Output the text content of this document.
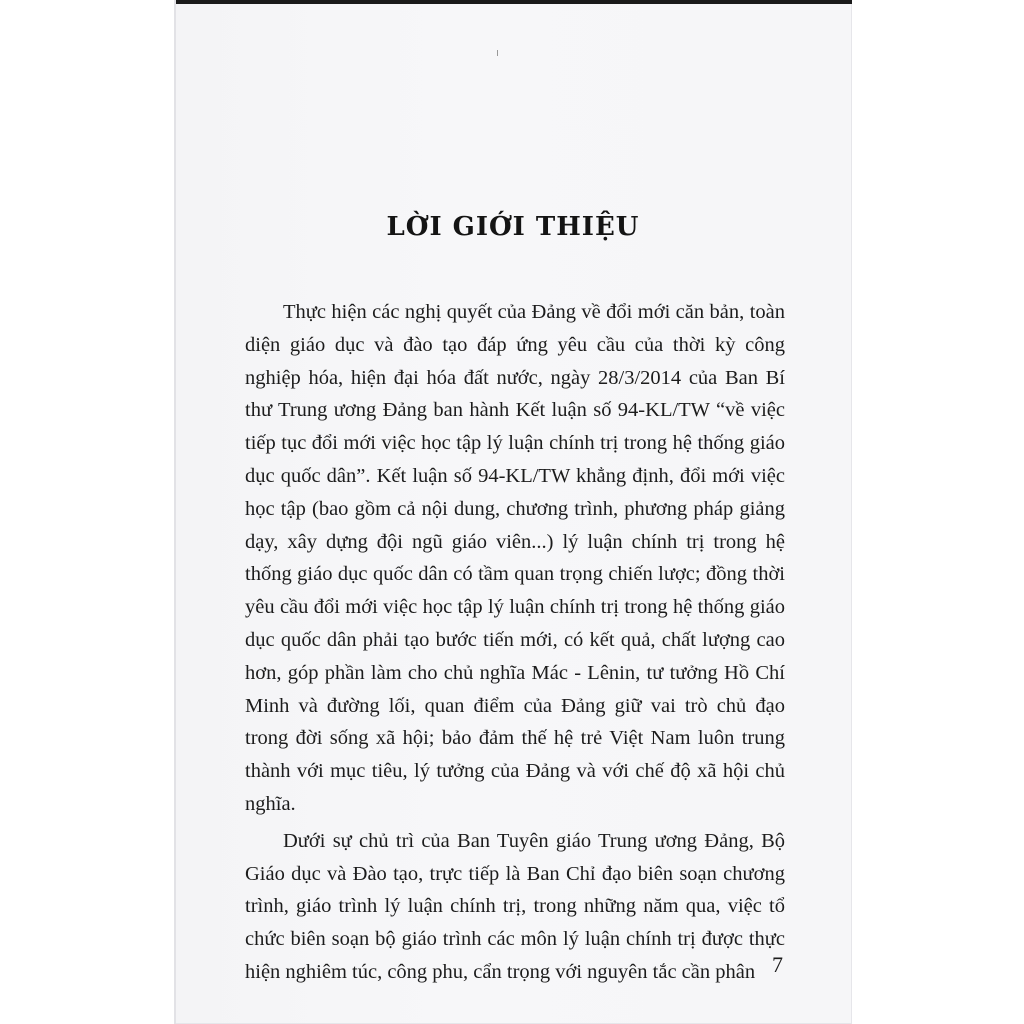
LỜI GIỚI THIỆU

Thực hiện các nghị quyết của Đảng về đổi mới căn bản, toàn diện giáo dục và đào tạo đáp ứng yêu cầu của thời kỳ công nghiệp hóa, hiện đại hóa đất nước, ngày 28/3/2014 của Ban Bí thư Trung ương Đảng ban hành Kết luận số 94-KL/TW “về việc tiếp tục đổi mới việc học tập lý luận chính trị trong hệ thống giáo dục quốc dân”. Kết luận số 94-KL/TW khẳng định, đổi mới việc học tập (bao gồm cả nội dung, chương trình, phương pháp giảng dạy, xây dựng đội ngũ giáo viên...) lý luận chính trị trong hệ thống giáo dục quốc dân có tầm quan trọng chiến lược; đồng thời yêu cầu đổi mới việc học tập lý luận chính trị trong hệ thống giáo dục quốc dân phải tạo bước tiến mới, có kết quả, chất lượng cao hơn, góp phần làm cho chủ nghĩa Mác - Lênin, tư tưởng Hồ Chí Minh và đường lối, quan điểm của Đảng giữ vai trò chủ đạo trong đời sống xã hội; bảo đảm thế hệ trẻ Việt Nam luôn trung thành với mục tiêu, lý tưởng của Đảng và với chế độ xã hội chủ nghĩa.

Dưới sự chủ trì của Ban Tuyên giáo Trung ương Đảng, Bộ Giáo dục và Đào tạo, trực tiếp là Ban Chỉ đạo biên soạn chương trình, giáo trình lý luận chính trị, trong những năm qua, việc tổ chức biên soạn bộ giáo trình các môn lý luận chính trị được thực hiện nghiêm túc, công phu, cẩn trọng với nguyên tắc cần phân 7
